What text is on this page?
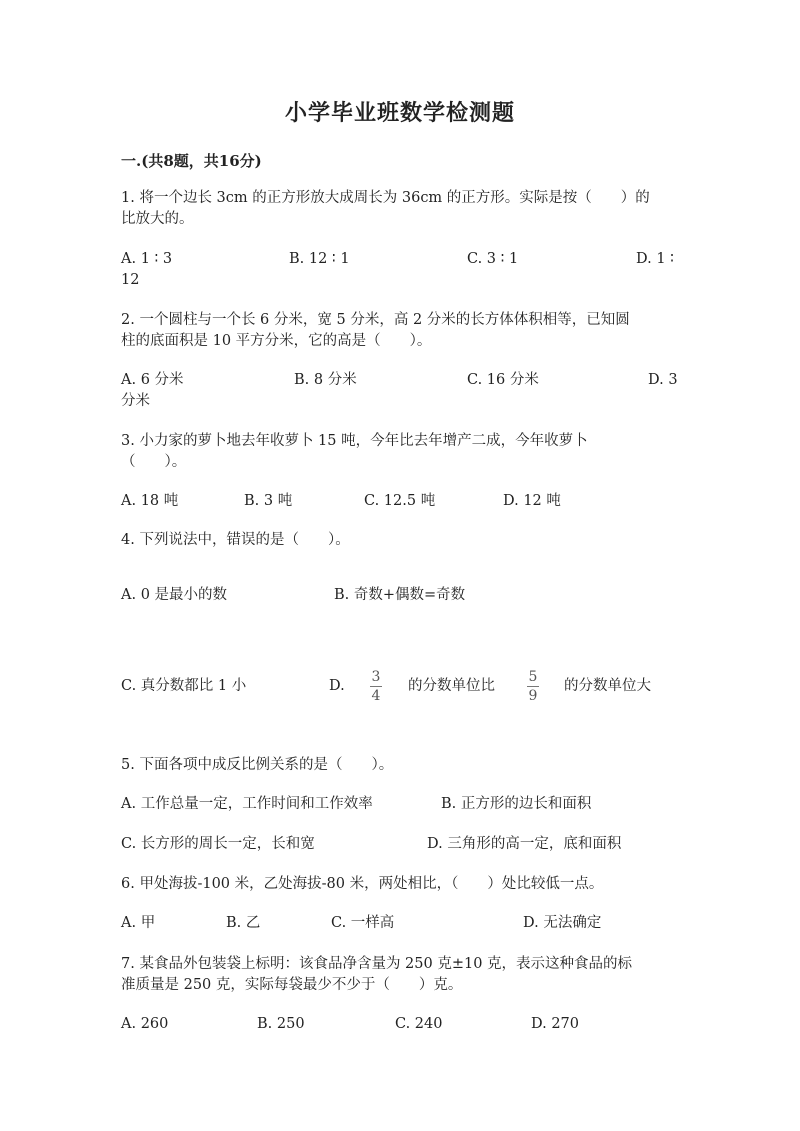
小学毕业班数学检测题
一.(共8题，共16分)
1. 将一个边长 3cm 的正方形放大成周长为 36cm 的正方形。实际是按（　　）的
比放大的。
A. 1 ∶ 3	B. 12 ∶ 1	C. 3 ∶ 1	D. 1 ∶
12
2. 一个圆柱与一个长 6 分米，宽 5 分米，高 2 分米的长方体体积相等，已知圆
柱的底面积是 10 平方分米，它的高是（　　）。
A. 6 分米	B. 8 分米	C. 16 分米	D. 3
分米
3. 小力家的萝卜地去年收萝卜 15 吨，今年比去年增产二成，今年收萝卜
（　　）。
A. 18 吨	B. 3 吨	C. 12.5 吨	D. 12 吨
4. 下列说法中，错误的是（　　）。
A. 0 是最小的数	B. 奇数+偶数=奇数
C. 真分数都比 1 小	D.
3
4
的分数单位比
5
9
的分数单位大
5. 下面各项中成反比例关系的是（　　）。
A. 工作总量一定，工作时间和工作效率	B. 正方形的边长和面积
C. 长方形的周长一定，长和宽	D. 三角形的高一定，底和面积
6. 甲处海拔-100 米，乙处海拔-80 米，两处相比，（　　）处比较低一点。
A. 甲	B. 乙	C. 一样高	D. 无法确定
7. 某食品外包装袋上标明：该食品净含量为 250 克±10 克，表示这种食品的标
准质量是 250 克，实际每袋最少不少于（　　）克。
A. 260	B. 250	C. 240	D. 270
